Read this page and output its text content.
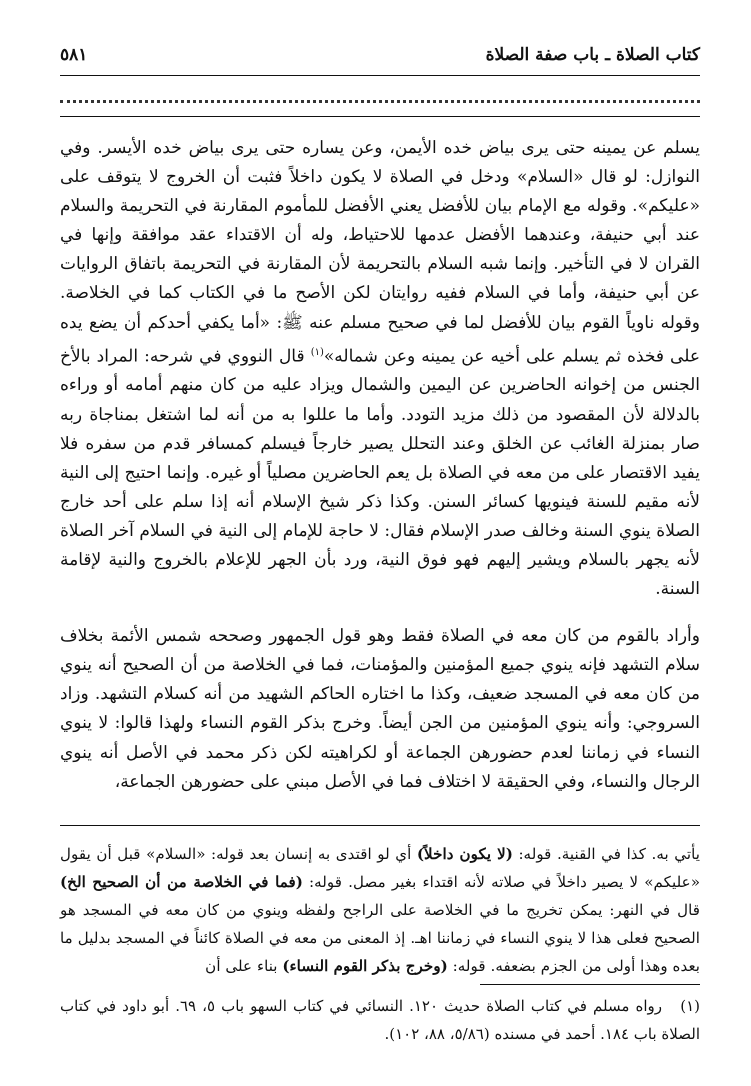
كتاب الصلاة ـ باب صفة الصلاة
٥٨١

يسلم عن يمينه حتى يرى بياض خده الأيمن، وعن يساره حتى يرى بياض خده الأيسر. وفي النوازل: لو قال «السلام» ودخل في الصلاة لا يكون داخلاً فثبت أن الخروج لا يتوقف على «عليكم». وقوله مع الإمام بيان للأفضل يعني الأفضل للمأموم المقارنة في التحريمة والسلام عند أبي حنيفة، وعندهما الأفضل عدمها للاحتياط، وله أن الاقتداء عقد موافقة وإنها في القران لا في التأخير. وإنما شبه السلام بالتحريمة لأن المقارنة في التحريمة باتفاق الروايات عن أبي حنيفة، وأما في السلام ففيه روايتان لكن الأصح ما في الكتاب كما في الخلاصة. وقوله ناوياً القوم بيان للأفضل لما في صحيح مسلم عنه ﷺ: «أما يكفي أحدكم أن يضع يده على فخذه ثم يسلم على أخيه عن يمينه وعن شماله»$^{(١)}$ قال النووي في شرحه: المراد بالأخ الجنس من إخوانه الحاضرين عن اليمين والشمال ويزاد عليه من كان منهم أمامه أو وراءه بالدلالة لأن المقصود من ذلك مزيد التودد. وأما ما عللوا به من أنه لما اشتغل بمناجاة ربه صار بمنزلة الغائب عن الخلق وعند التحلل يصير خارجاً فيسلم كمسافر قدم من سفره فلا يفيد الاقتصار على من معه في الصلاة بل يعم الحاضرين مصلياً أو غيره. وإنما احتيج إلى النية لأنه مقيم للسنة فينويها كسائر السنن. وكذا ذكر شيخ الإسلام أنه إذا سلم على أحد خارج الصلاة ينوي السنة وخالف صدر الإسلام فقال: لا حاجة للإمام إلى النية في السلام آخر الصلاة لأنه يجهر بالسلام ويشير إليهم فهو فوق النية، ورد بأن الجهر للإعلام بالخروج والنية لإقامة السنة.

وأراد بالقوم من كان معه في الصلاة فقط وهو قول الجمهور وصححه شمس الأئمة بخلاف سلام التشهد فإنه ينوي جميع المؤمنين والمؤمنات، فما في الخلاصة من أن الصحيح أنه ينوي من كان معه في المسجد ضعيف، وكذا ما اختاره الحاكم الشهيد من أنه كسلام التشهد. وزاد السروجي: وأنه ينوي المؤمنين من الجن أيضاً. وخرج بذكر القوم النساء ولهذا قالوا: لا ينوي النساء في زماننا لعدم حضورهن الجماعة أو لكراهيته لكن ذكر محمد في الأصل أنه ينوي الرجال والنساء، وفي الحقيقة لا اختلاف فما في الأصل مبني على حضورهن الجماعة،

يأتي به. كذا في القنية. قوله: (لا يكون داخلاً) أي لو اقتدى به إنسان بعد قوله: «السلام» قبل أن يقول «عليكم» لا يصير داخلاً في صلاته لأنه اقتداء بغير مصل. قوله: (فما في الخلاصة من أن الصحيح الخ) قال في النهر: يمكن تخريج ما في الخلاصة على الراجح ولفظه وينوي من كان معه في المسجد هو الصحيح فعلى هذا لا ينوي النساء في زماننا اهـ. إذ المعنى من معه في الصلاة كائناً في المسجد بدليل ما بعده وهذا أولى من الجزم بضعفه. قوله: (وخرج بذكر القوم النساء) بناء على أن

(١)   رواه مسلم في كتاب الصلاة حديث ١٢٠. النسائي في كتاب السهو باب ٥، ٦٩. أبو داود في كتاب الصلاة باب ١٨٤. أحمد في مسنده (٥/٨٦، ٨٨، ١٠٢).
